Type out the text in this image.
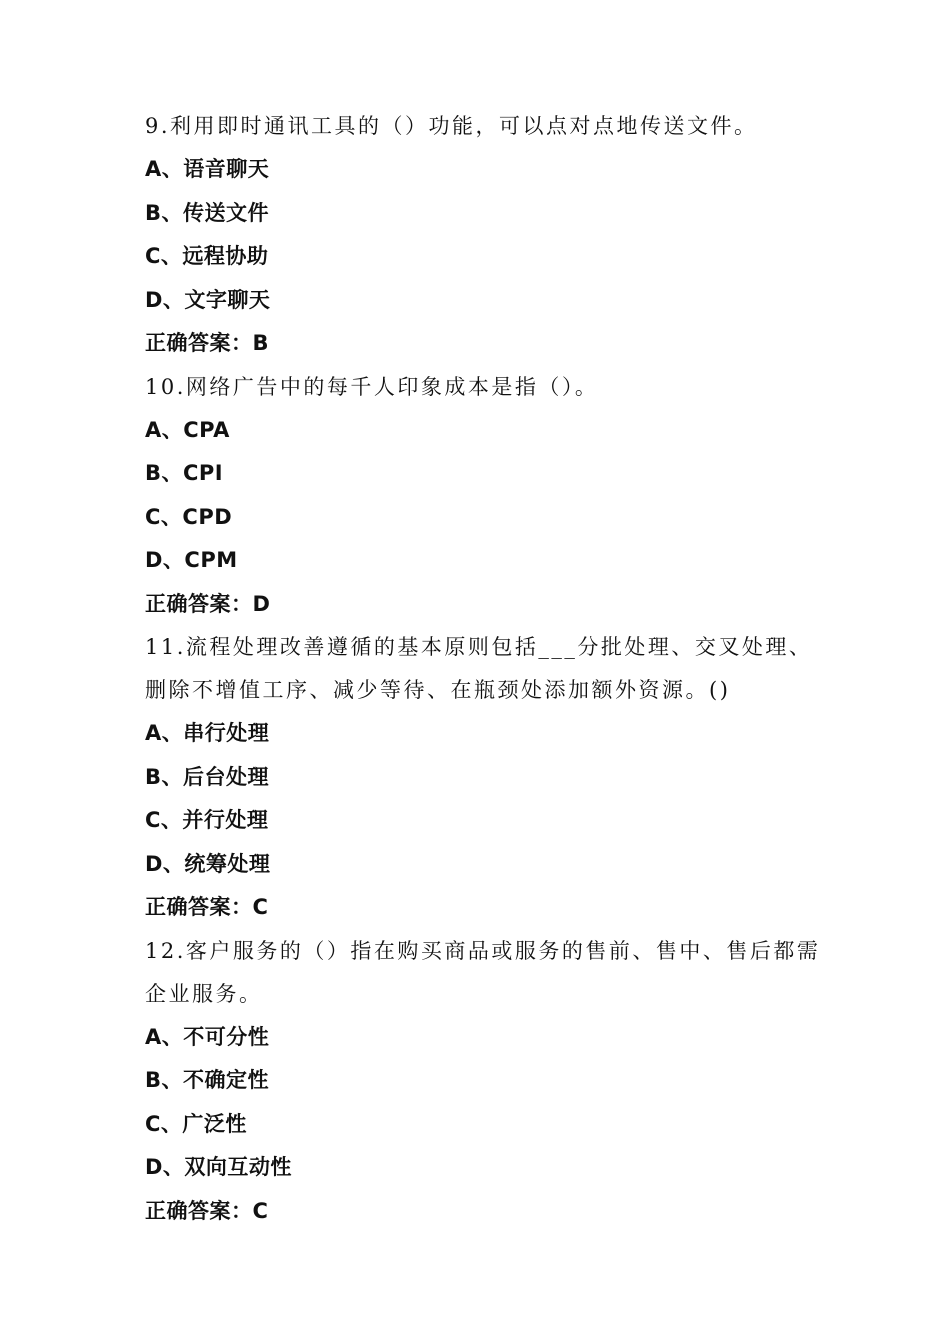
9.利用即时通讯工具的（）功能，可以点对点地传送文件。

A、语音聊天

B、传送文件

C、远程协助

D、文字聊天

正确答案：B

10.网络广告中的每千人印象成本是指（）。

A、CPA

B、CPI

C、CPD

D、CPM

正确答案：D

11.流程处理改善遵循的基本原则包括___分批处理、交叉处理、删除不增值工序、减少等待、在瓶颈处添加额外资源。()

A、串行处理

B、后台处理

C、并行处理

D、统筹处理

正确答案：C

12.客户服务的（）指在购买商品或服务的售前、售中、售后都需企业服务。

A、不可分性

B、不确定性

C、广泛性

D、双向互动性

正确答案：C
